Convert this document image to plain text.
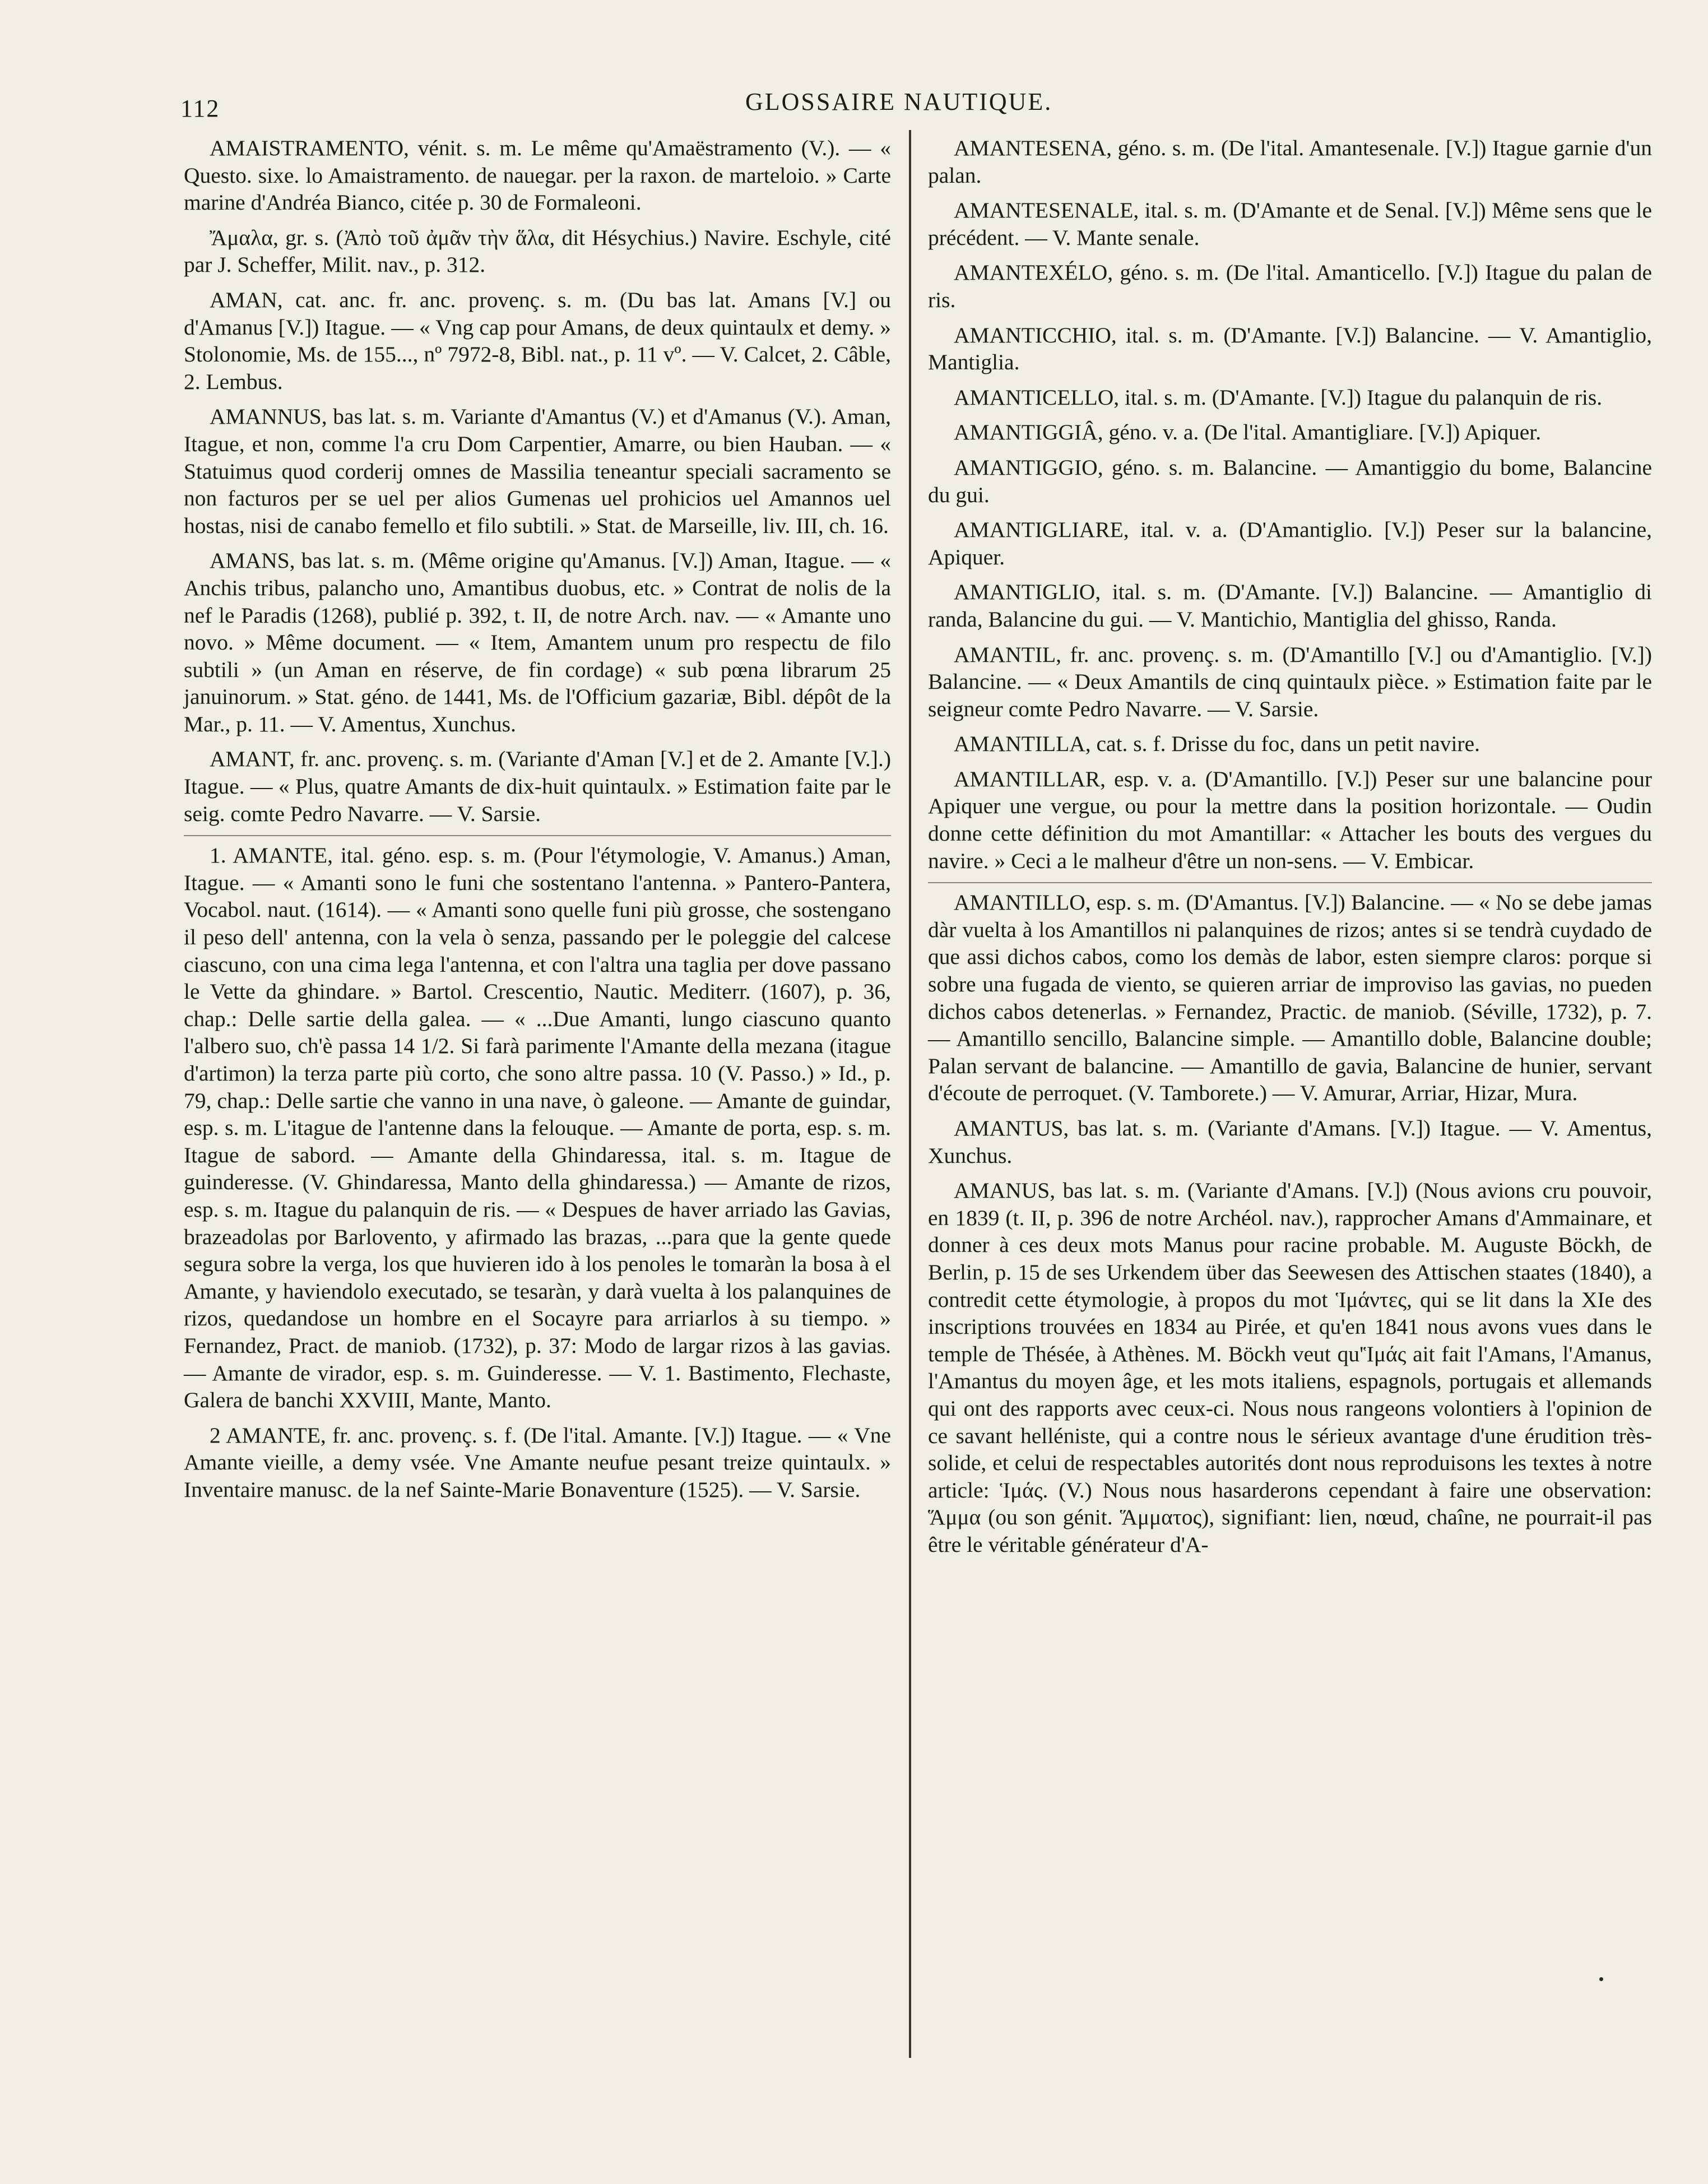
112	GLOSSAIRE NAUTIQUE.

AMAISTRAMENTO, vénit. s. m. Le même qu'Amaëstramento (V.). — « Questo. sixe. lo Amaistramento. de nauegar. per la raxon. de marteloio. » Carte marine d'Andréa Bianco, citée p. 30 de Formaleoni.

Ἄμαλα, gr. s. (Ἀπὸ τοῦ ἀμᾶν τὴν ἅλα, dit Hésychius.) Navire. Eschyle, cité par J. Scheffer, Milit. nav., p. 312.

AMAN, cat. anc. fr. anc. provenç. s. m. (Du bas lat. Amans [V.] ou d'Amanus [V.]) Itague. — « Vng cap pour Amans, de deux quintaulx et demy. » Stolonomie, Ms. de 155..., nº 7972-8, Bibl. nat., p. 11 vº. — V. Calcet, 2. Câble, 2. Lembus.

AMANNUS, bas lat. s. m. Variante d'Amantus (V.) et d'Amanus (V.). Aman, Itague, et non, comme l'a cru Dom Carpentier, Amarre, ou bien Hauban. — « Statuimus quod corderij omnes de Massilia teneantur speciali sacramento se non facturos per se uel per alios Gumenas uel prohicios uel Amannos uel hostas, nisi de canabo femello et filo subtili. » Stat. de Marseille, liv. III, ch. 16.

AMANS, bas lat. s. m. (Même origine qu'Amanus. [V.]) Aman, Itague. — « Anchis tribus, palancho uno, Amantibus duobus, etc. » Contrat de nolis de la nef le Paradis (1268), publié p. 392, t. II, de notre Arch. nav. — « Amante uno novo. » Même document. — « Item, Amantem unum pro respectu de filo subtili » (un Aman en réserve, de fin cordage) « sub pœna librarum 25 januinorum. » Stat. géno. de 1441, Ms. de l'Officium gazariæ, Bibl. dépôt de la Mar., p. 11. — V. Amentus, Xunchus.

AMANT, fr. anc. provenç. s. m. (Variante d'Aman [V.] et de 2. Amante [V.].) Itague. — « Plus, quatre Amants de dix-huit quintaulx. » Estimation faite par le seig. comte Pedro Navarre. — V. Sarsie.

1. AMANTE, ital. géno. esp. s. m. (Pour l'étymologie, V. Amanus.) Aman, Itague. — « Amanti sono le funi che sostentano l'antenna. » Pantero-Pantera, Vocabol. naut. (1614). — « Amanti sono quelle funi più grosse, che sostengano il peso dell' antenna, con la vela ò senza, passando per le poleggie del calcese ciascuno, con una cima lega l'antenna, et con l'altra una taglia per dove passano le Vette da ghindare. » Bartol. Crescentio, Nautic. Mediterr. (1607), p. 36, chap.: Delle sartie della galea. — « ...Due Amanti, lungo ciascuno quanto l'albero suo, ch'è passa 14 1/2. Si farà parimente l'Amante della mezana (itague d'artimon) la terza parte più corto, che sono altre passa. 10 (V. Passo.) » Id., p. 79, chap.: Delle sartie che vanno in una nave, ò galeone. — Amante de guindar, esp. s. m. L'itague de l'antenne dans la felouque. — Amante de porta, esp. s. m. Itague de sabord. — Amante della Ghindaressa, ital. s. m. Itague de guinderesse. (V. Ghindaressa, Manto della ghindaressa.) — Amante de rizos, esp. s. m. Itague du palanquin de ris. — « Despues de haver arriado las Gavias, brazeadolas por Barlovento, y afirmado las brazas, ...para que la gente quede segura sobre la verga, los que huvieren ido à los penoles le tomaràn la bosa à el Amante, y haviendolo executado, se tesaràn, y darà vuelta à los palanquines de rizos, quedandose un hombre en el Socayre para arriarlos à su tiempo. » Fernandez, Pract. de maniob. (1732), p. 37: Modo de largar rizos à las gavias. — Amante de virador, esp. s. m. Guinderesse. — V. 1. Bastimento, Flechaste, Galera de banchi XXVIII, Mante, Manto.

2 AMANTE, fr. anc. provenç. s. f. (De l'ital. Amante. [V.]) Itague. — « Vne Amante vieille, a demy vsée. Vne Amante neufue pesant treize quintaulx. » Inventaire manusc. de la nef Sainte-Marie Bonaventure (1525). — V. Sarsie.

AMANTESENA, géno. s. m. (De l'ital. Amantesenale. [V.]) Itague garnie d'un palan.

AMANTESENALE, ital. s. m. (D'Amante et de Senal. [V.]) Même sens que le précédent. — V. Mante senale.

AMANTEXÉLO, géno. s. m. (De l'ital. Amanticello. [V.]) Itague du palan de ris.

AMANTICCHIO, ital. s. m. (D'Amante. [V.]) Balancine. — V. Amantiglio, Mantiglia.

AMANTICELLO, ital. s. m. (D'Amante. [V.]) Itague du palanquin de ris.

AMANTIGGIÂ, géno. v. a. (De l'ital. Amantigliare. [V.]) Apiquer.

AMANTIGGIO, géno. s. m. Balancine. — Amantiggio du bome, Balancine du gui.

AMANTIGLIARE, ital. v. a. (D'Amantiglio. [V.]) Peser sur la balancine, Apiquer.

AMANTIGLIO, ital. s. m. (D'Amante. [V.]) Balancine. — Amantiglio di randa, Balancine du gui. — V. Mantichio, Mantiglia del ghisso, Randa.

AMANTIL, fr. anc. provenç. s. m. (D'Amantillo [V.] ou d'Amantiglio. [V.]) Balancine. — « Deux Amantils de cinq quintaulx pièce. » Estimation faite par le seigneur comte Pedro Navarre. — V. Sarsie.

AMANTILLA, cat. s. f. Drisse du foc, dans un petit navire.

AMANTILLAR, esp. v. a. (D'Amantillo. [V.]) Peser sur une balancine pour Apiquer une vergue, ou pour la mettre dans la position horizontale. — Oudin donne cette définition du mot Amantillar: « Attacher les bouts des vergues du navire. » Ceci a le malheur d'être un non-sens. — V. Embicar.

AMANTILLO, esp. s. m. (D'Amantus. [V.]) Balancine. — « No se debe jamas dàr vuelta à los Amantillos ni palanquines de rizos; antes si se tendrà cuydado de que assi dichos cabos, como los demàs de labor, esten siempre claros: porque si sobre una fugada de viento, se quieren arriar de improviso las gavias, no pueden dichos cabos detenerlas. » Fernandez, Practic. de maniob. (Séville, 1732), p. 7. — Amantillo sencillo, Balancine simple. — Amantillo doble, Balancine double; Palan servant de balancine. — Amantillo de gavia, Balancine de hunier, servant d'écoute de perroquet. (V. Tamborete.) — V. Amurar, Arriar, Hizar, Mura.

AMANTUS, bas lat. s. m. (Variante d'Amans. [V.]) Itague. — V. Amentus, Xunchus.

AMANUS, bas lat. s. m. (Variante d'Amans. [V.]) (Nous avions cru pouvoir, en 1839 (t. II, p. 396 de notre Archéol. nav.), rapprocher Amans d'Ammainare, et donner à ces deux mots Manus pour racine probable. M. Auguste Böckh, de Berlin, p. 15 de ses Urkendem über das Seewesen des Attischen staates (1840), a contredit cette étymologie, à propos du mot Ἱμάντες, qui se lit dans la XIe des inscriptions trouvées en 1834 au Pirée, et qu'en 1841 nous avons vues dans le temple de Thésée, à Athènes. M. Böckh veut qu'Ἱμάς ait fait l'Amans, l'Amanus, l'Amantus du moyen âge, et les mots italiens, espagnols, portugais et allemands qui ont des rapports avec ceux-ci. Nous nous rangeons volontiers à l'opinion de ce savant helléniste, qui a contre nous le sérieux avantage d'une érudition très-solide, et celui de respectables autorités dont nous reproduisons les textes à notre article: Ἱμάς. (V.) Nous nous hasarderons cependant à faire une observation: Ἅμμα (ou son génit. Ἅμματος), signifiant: lien, nœud, chaîne, ne pourrait-il pas être le véritable générateur d'A-
